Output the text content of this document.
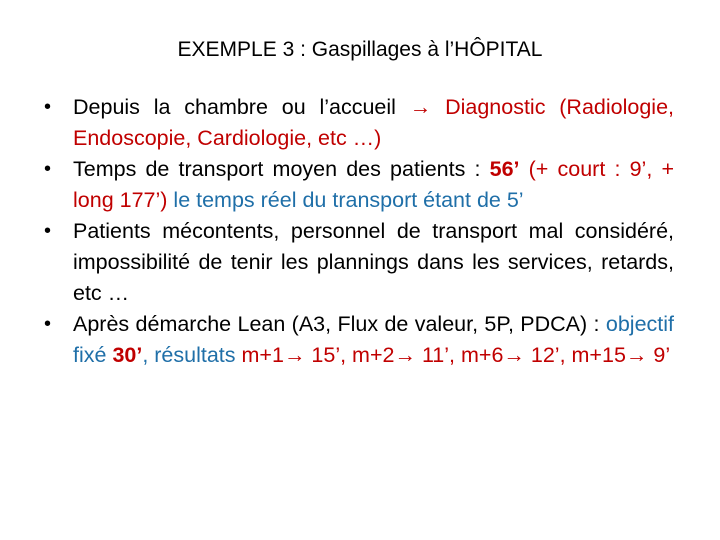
EXEMPLE 3 : Gaspillages à l’HÔPITAL
• Depuis la chambre ou l’accueil → Diagnostic (Radiologie, Endoscopie, Cardiologie, etc …)
• Temps de transport moyen des patients : 56’ (+ court : 9’, + long 177’) le temps réel du transport étant de 5’
• Patients mécontents, personnel de transport mal considéré, impossibilité de tenir les plannings dans les services, retards, etc …
• Après démarche Lean (A3, Flux de valeur, 5P, PDCA) : objectif fixé 30’, résultats m+1→ 15’, m+2→ 11’, m+6→ 12’, m+15→ 9’
